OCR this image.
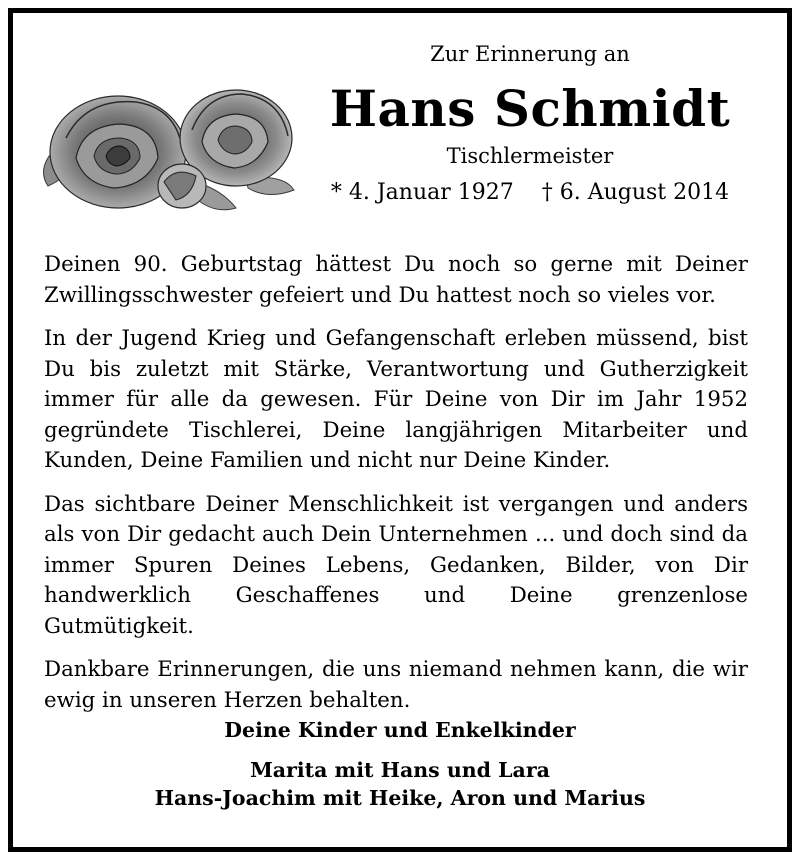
Zur Erinnerung an

Hans Schmidt

Tischlermeister

* 4. Januar 1927 † 6. August 2014

Deinen 90. Geburtstag hättest Du noch so gerne mit Deiner Zwillingsschwester gefeiert und Du hattest noch so vieles vor.

In der Jugend Krieg und Gefangenschaft erleben müssend, bist Du bis zuletzt mit Stärke, Verantwortung und Gutherzigkeit immer für alle da gewesen. Für Deine von Dir im Jahr 1952 gegründete Tischlerei, Deine langjährigen Mitarbeiter und Kunden, Deine Familien und nicht nur Deine Kinder.

Das sichtbare Deiner Menschlichkeit ist vergangen und anders als von Dir gedacht auch Dein Unternehmen ... und doch sind da immer Spuren Deines Lebens, Gedanken, Bilder, von Dir handwerklich Geschaffenes und Deine grenzenlose Gutmütigkeit.

Dankbare Erinnerungen, die uns niemand nehmen kann, die wir ewig in unseren Herzen behalten.

Deine Kinder und Enkelkinder

Marita mit Hans und Lara

Hans-Joachim mit Heike, Aron und Marius
